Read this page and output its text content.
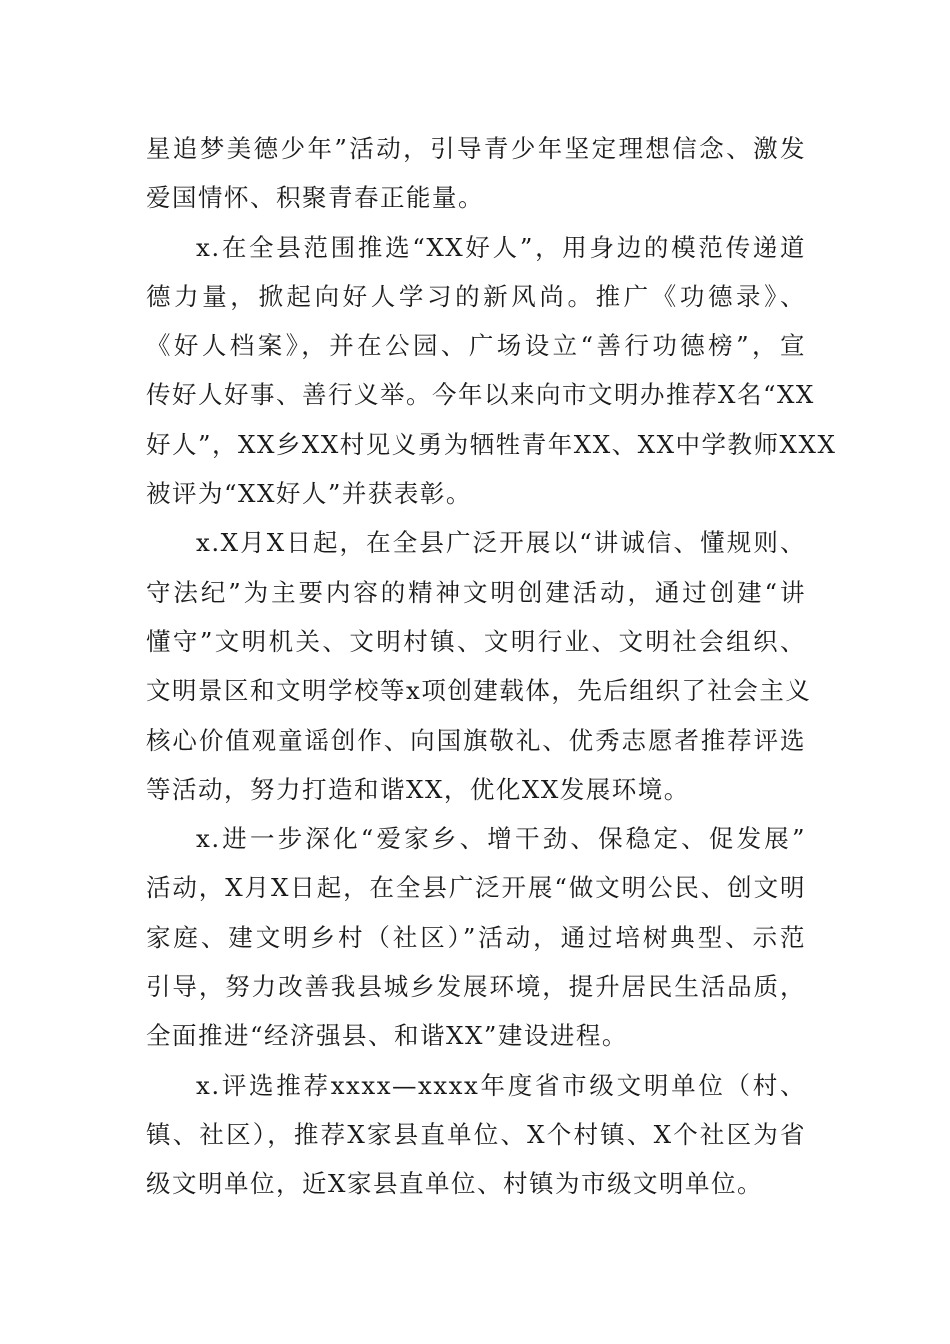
星追梦美德少年”活动，引导青少年坚定理想信念、激发
爱国情怀、积聚青春正能量。
x.在全县范围推选“XX好人”，用身边的模范传递道
德力量，掀起向好人学习的新风尚。推广《功德录》、
《好人档案》，并在公园、广场设立“善行功德榜”，宣
传好人好事、善行义举。今年以来向市文明办推荐X名“XX
好人”，XX乡XX村见义勇为牺牲青年XX、XX中学教师XXX
被评为“XX好人”并获表彰。
x.X月X日起，在全县广泛开展以“讲诚信、懂规则、
守法纪”为主要内容的精神文明创建活动，通过创建“讲
懂守”文明机关、文明村镇、文明行业、文明社会组织、
文明景区和文明学校等x项创建载体，先后组织了社会主义
核心价值观童谣创作、向国旗敬礼、优秀志愿者推荐评选
等活动，努力打造和谐XX，优化XX发展环境。
x.进一步深化“爱家乡、增干劲、保稳定、促发展”
活动，X月X日起，在全县广泛开展“做文明公民、创文明
家庭、建文明乡村（社区）”活动，通过培树典型、示范
引导，努力改善我县城乡发展环境，提升居民生活品质，
全面推进“经济强县、和谐XX”建设进程。
x.评选推荐xxxx—xxxx年度省市级文明单位（村、
镇、社区），推荐X家县直单位、X个村镇、X个社区为省
级文明单位，近X家县直单位、村镇为市级文明单位。
